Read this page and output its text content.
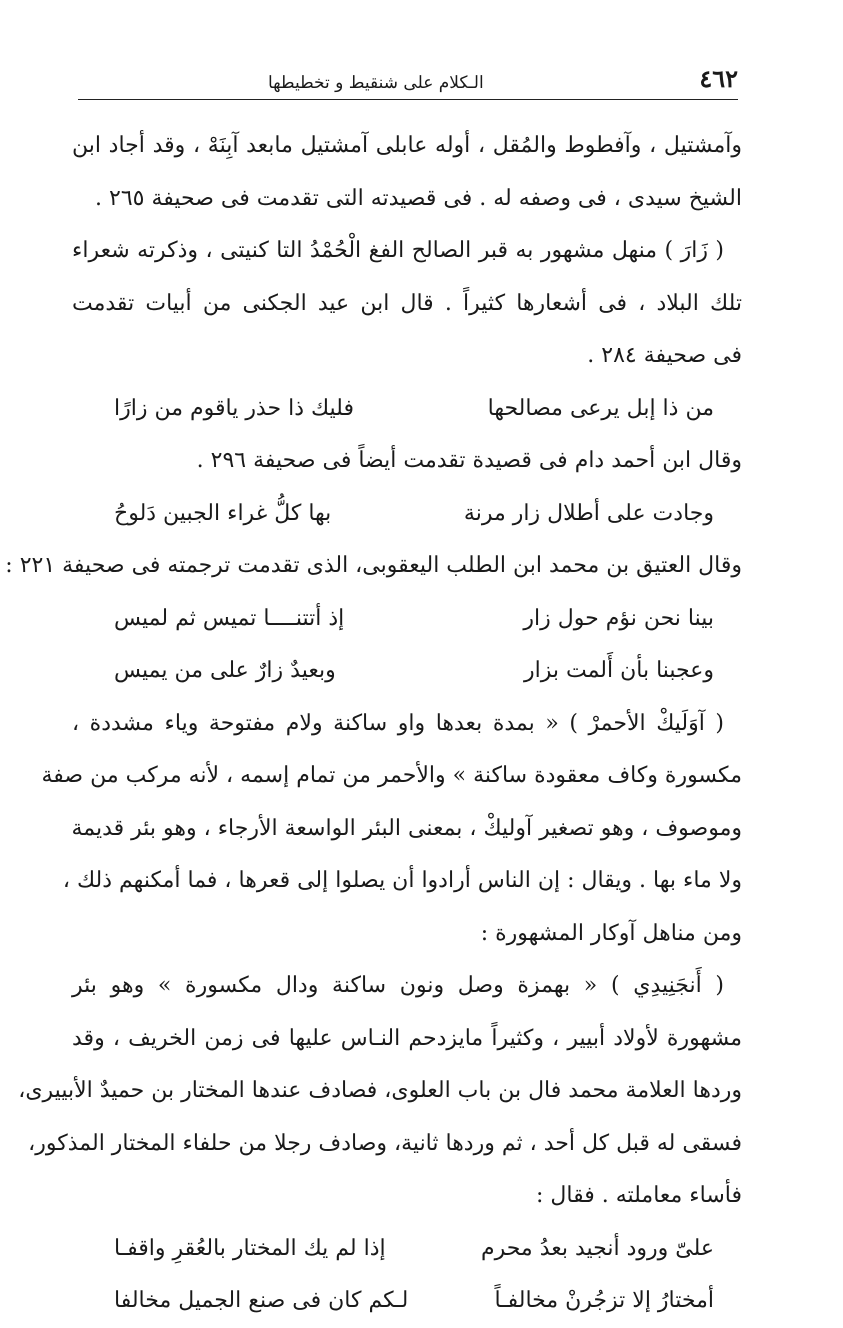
٤٦٢
الـكلام على شنقيط و تخطيطها
وآمشتيل ، وآفطوط والمُقل ، أوله عابلى آمشتيل مابعد آبِنَهْ ، وقد أجاد ابن
الشيخ سيدى ، فى وصفه له . فى قصيدته التى تقدمت فى صحيفة ٢٦٥ .
( زَارَ ) منهل مشهور به قبر الصالح الفغ الْحُمْدُ التا كنيتى ، وذكرته شعراء
تلك البلاد ، فى أشعارها كثيراً . قال ابن عيد الجكنى من أبيات تقدمت
فى صحيفة ٢٨٤ .
من ذا إبل يرعى مصالحها
فليك ذا حذر ياقوم من زارًا
وقال ابن أحمد دام فى قصيدة تقدمت أيضاً فى صحيفة ٢٩٦ .
وجادت على أطلال زار مرنة
بها كلُّ غراء الجبين دَلوحُ
وقال العتيق بن محمد ابن الطلب اليعقوبى، الذى تقدمت ترجمته فى صحيفة ٢٢١ :
بينا نحن نؤم حول زار
إذ أتتنــــا تميس ثم لميس
وعجبنا بأن أَلمت بزار
وبعيدٌ زارٌ على من يميس
( آوَلَيكْ الأحمرْ ) « بمدة بعدها واو ساكنة ولام مفتوحة وياء مشددة ،
مكسورة وكاف معقودة ساكنة » والأحمر من تمام إسمه ، لأنه مركب من صفة
وموصوف ، وهو تصغير آوليكْ ، بمعنى البئر الواسعة الأرجاء ، وهو بئر قديمة
ولا ماء بها . ويقال : إن الناس أرادوا أن يصلوا إلى قعرها ، فما أمكنهم ذلك ،
ومن مناهل آوكار المشهورة :
( أَنجَنِيدِي ) « بهمزة وصل ونون ساكنة ودال مكسورة » وهو بئر
مشهورة لأولاد أبيير ، وكثيراً مايزدحم النـاس عليها فى زمن الخريف ، وقد
وردها العلامة محمد فال بن باب العلوى، فصادف عندها المختار بن حميدٌ الأبييرى،
فسقى له قبل كل أحد ، ثم وردها ثانية، وصادف رجلا من حلفاء المختار المذكور،
فأساء معاملته . فقال :
علىّ ورود أنجيد بعدُ محرم
إذا لم يك المختار بالعُقرِ واقفـا
أمختارُ إلا تزجُرنْ مخالفـاً
لـكم كان فى صنع الجميل مخالفا
